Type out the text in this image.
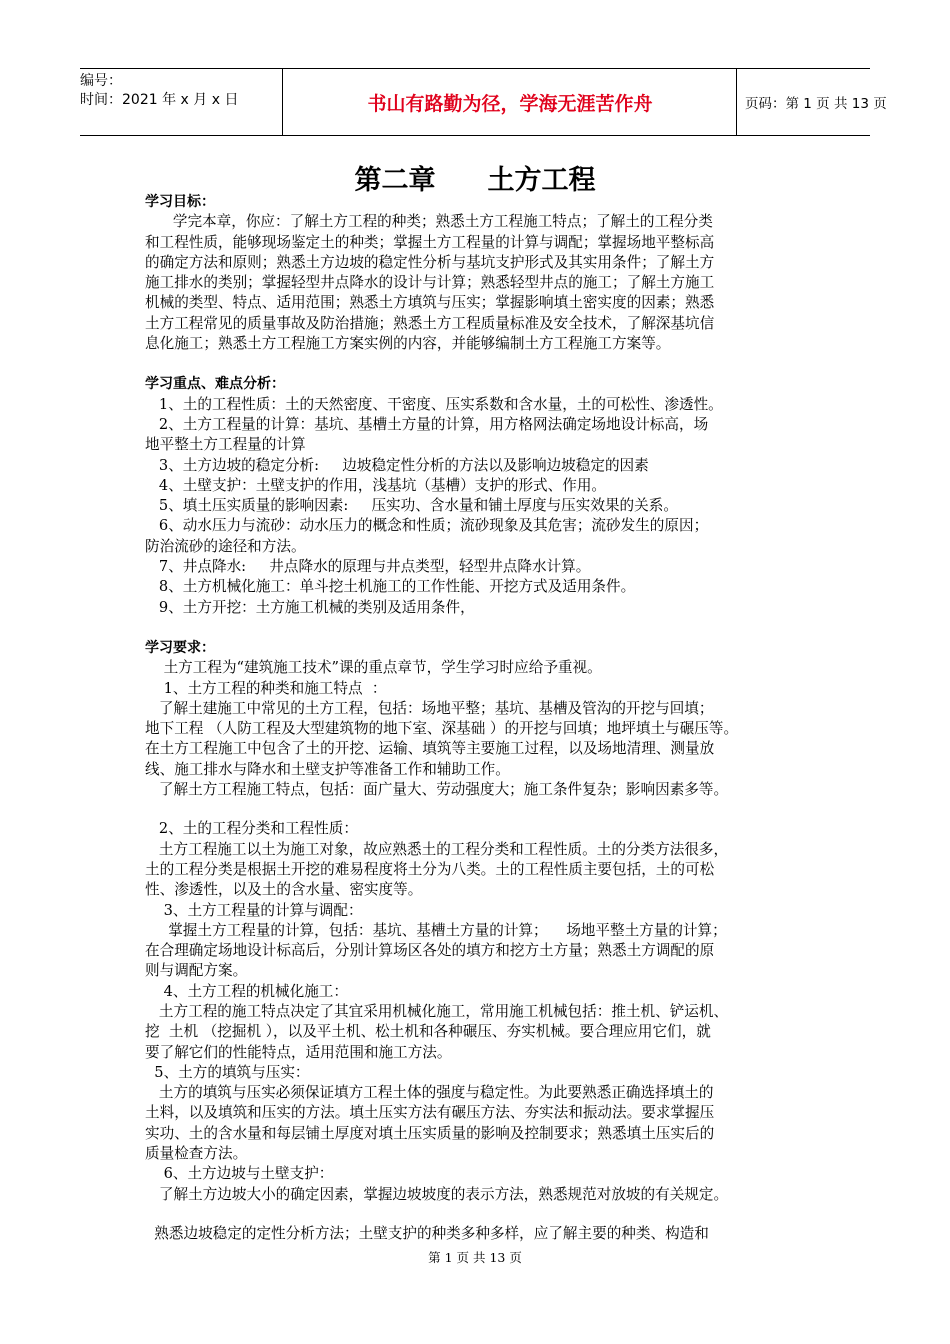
编号：
时间：2021 年 x 月 x 日	书山有路勤为径，学海无涯苦作舟	页码：第 1 页 共 13 页
第二章 土方工程

学习目标：

学完本章，你应：了解土方工程的种类；熟悉土方工程施工特点；了解土的工程分类

和工程性质，能够现场鉴定土的种类；掌握土方工程量的计算与调配；掌握场地平整标高

的确定方法和原则；熟悉土方边坡的稳定性分析与基坑支护形式及其实用条件；了解土方

施工排水的类别；掌握轻型井点降水的设计与计算；熟悉轻型井点的施工；了解土方施工

机械的类型、特点、适用范围；熟悉土方填筑与压实；掌握影响填土密实度的因素；熟悉

土方工程常见的质量事故及防治措施；熟悉土方工程质量标准及安全技术，了解深基坑信

息化施工；熟悉土方工程施工方案实例的内容，并能够编制土方工程施工方案等。

学习重点、难点分析：

1、土的工程性质：土的天然密度、干密度、压实系数和含水量，土的可松性、渗透性。

2、土方工程量的计算：基坑、基槽土方量的计算，用方格网法确定场地设计标高，场

地平整土方工程量的计算

3、土方边坡的稳定分析:     边坡稳定性分析的方法以及影响边坡稳定的因素

4、土壁支护：土壁支护的作用，浅基坑（基槽）支护的形式、作用。

5、填土压实质量的影响因素:     压实功、含水量和铺土厚度与压实效果的关系。

6、动水压力与流砂：动水压力的概念和性质；流砂现象及其危害；流砂发生的原因；

防治流砂的途径和方法。

7、井点降水:     井点降水的原理与井点类型，轻型井点降水计算。

8、土方机械化施工：单斗挖土机施工的工作性能、开挖方式及适用条件。

9、土方开挖：土方施工机械的类别及适用条件，

学习要求：

土方工程为“建筑施工技术”课的重点章节，学生学习时应给予重视。

1、土方工程的种类和施工特点  ：

了解土建施工中常见的土方工程，包括：场地平整；基坑、基槽及管沟的开挖与回填；

地下工程 （人防工程及大型建筑物的地下室、深基础 ）的开挖与回填；地坪填土与碾压等。

在土方工程施工中包含了土的开挖、运输、填筑等主要施工过程，以及场地清理、测量放

线、施工排水与降水和土壁支护等准备工作和辅助工作。

了解土方工程施工特点，包括：面广量大、劳动强度大；施工条件复杂；影响因素多等。

2、土的工程分类和工程性质：

土方工程施工以土为施工对象，故应熟悉土的工程分类和工程性质。土的分类方法很多，

土的工程分类是根据土开挖的难易程度将土分为八类。土的工程性质主要包括，土的可松

性、渗透性，以及土的含水量、密实度等。

3、土方工程量的计算与调配：

掌握土方工程量的计算，包括：基坑、基槽土方量的计算；    场地平整土方量的计算；

在合理确定场地设计标高后，分别计算场区各处的填方和挖方土方量；熟悉土方调配的原

则与调配方案。

4、土方工程的机械化施工：

土方工程的施工特点决定了其宜采用机械化施工，常用施工机械包括：推土机、铲运机、

挖  土机 （挖掘机 ），以及平土机、松土机和各种碾压、夯实机械。要合理应用它们，就

要了解它们的性能特点，适用范围和施工方法。

5、土方的填筑与压实：

土方的填筑与压实必须保证填方工程土体的强度与稳定性。为此要熟悉正确选择填土的

土料，以及填筑和压实的方法。填土压实方法有碾压方法、夯实法和振动法。要求掌握压

实功、土的含水量和每层铺土厚度对填土压实质量的影响及控制要求；熟悉填土压实后的

质量检查方法。

6、土方边坡与土壁支护：

了解土方边坡大小的确定因素，掌握边坡坡度的表示方法，熟悉规范对放坡的有关规定。

熟悉边坡稳定的定性分析方法；土壁支护的种类多种多样，应了解主要的种类、构造和

第 1 页 共 13 页
